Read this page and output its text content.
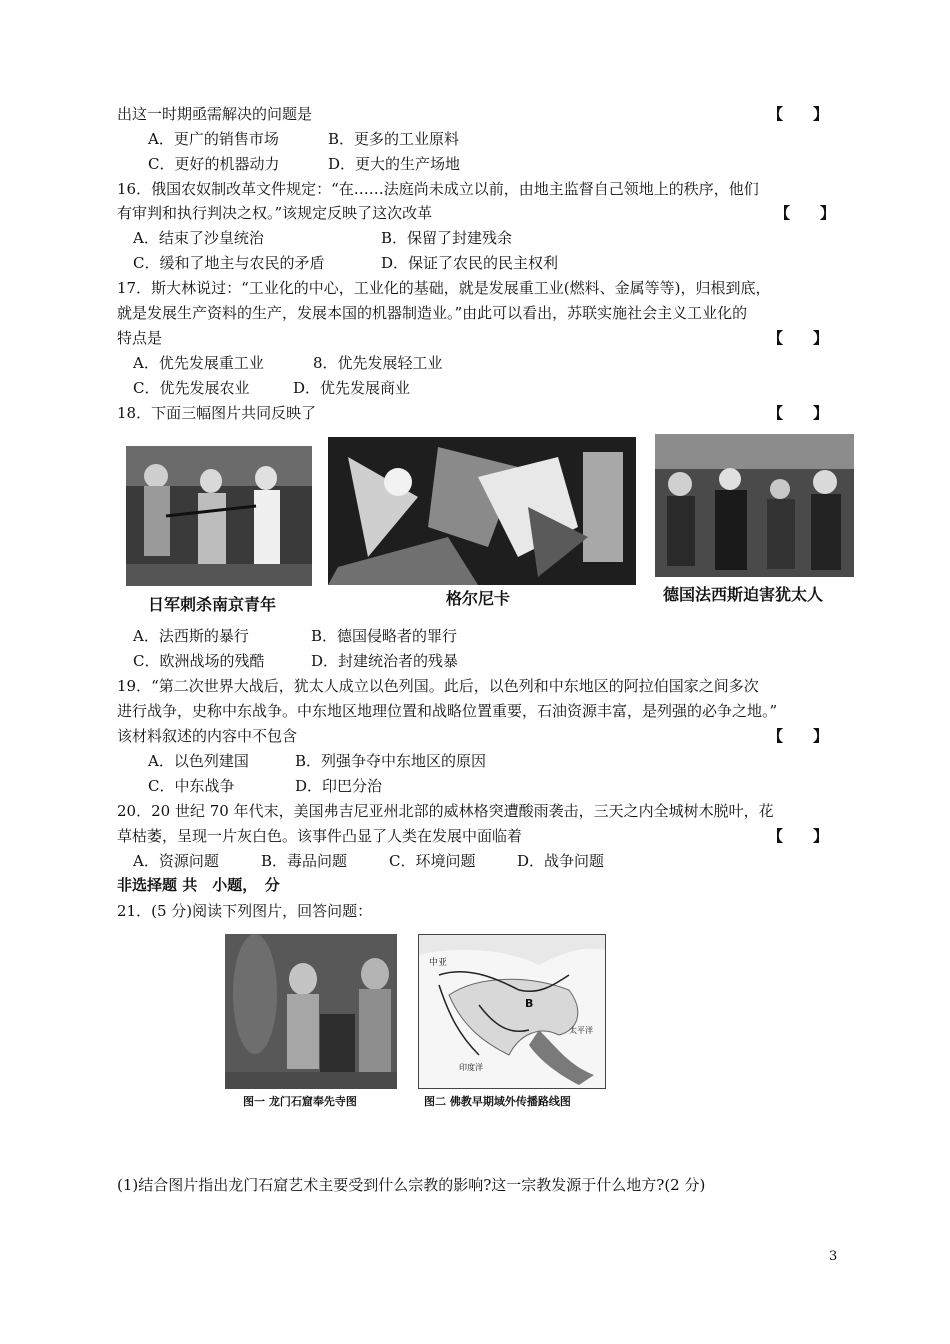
出这一时期亟需解决的问题是	【　　】
A．更广的销售市场	B．更多的工业原料
C．更好的机器动力	D．更大的生产场地
16．俄国农奴制改革文件规定：“在……法庭尚未成立以前，由地主监督自己领地上的秩序，他们
有审判和执行判决之权。”该规定反映了这次改革	【　　】
A．结束了沙皇统治	B．保留了封建残余
C．缓和了地主与农民的矛盾	D．保证了农民的民主权利
17．斯大林说过：“工业化的中心，工业化的基础，就是发展重工业(燃料、金属等等)，归根到底，
就是发展生产资料的生产，发展本国的机器制造业。”由此可以看出，苏联实施社会主义工业化的
特点是	【　　】
A．优先发展重工业	8．优先发展轻工业
C．优先发展农业	D．优先发展商业
18．下面三幅图片共同反映了	【　　】
日军刺杀南京青年	格尔尼卡	德国法西斯迫害犹太人
A．法西斯的暴行	B．德国侵略者的罪行
C．欧洲战场的残酷	D．封建统治者的残暴
19．“第二次世界大战后，犹太人成立以色列国。此后，以色列和中东地区的阿拉伯国家之间多次
进行战争，史称中东战争。中东地区地理位置和战略位置重要，石油资源丰富，是列强的必争之地。”
该材料叙述的内容中不包含	【　　】
A．以色列建国	B．列强争夺中东地区的原因
C．中东战争	D．印巴分治
20．20 世纪 70 年代末，美国弗吉尼亚州北部的威林格突遭酸雨袭击，三天之内全城树木脱叶，花
草枯萎，呈现一片灰白色。该事件凸显了人类在发展中面临着	【　　】
A．资源问题	B．毒品问题	C．环境问题	D．战争问题
非选择题 共　小题，　分
21．(5 分)阅读下列图片，回答问题：
中亚
B
太平洋
印度洋
图一 龙门石窟奉先寺图	图二 佛教早期域外传播路线图
(1)结合图片指出龙门石窟艺术主要受到什么宗教的影响?这一宗教发源于什么地方?(2 分)
3
